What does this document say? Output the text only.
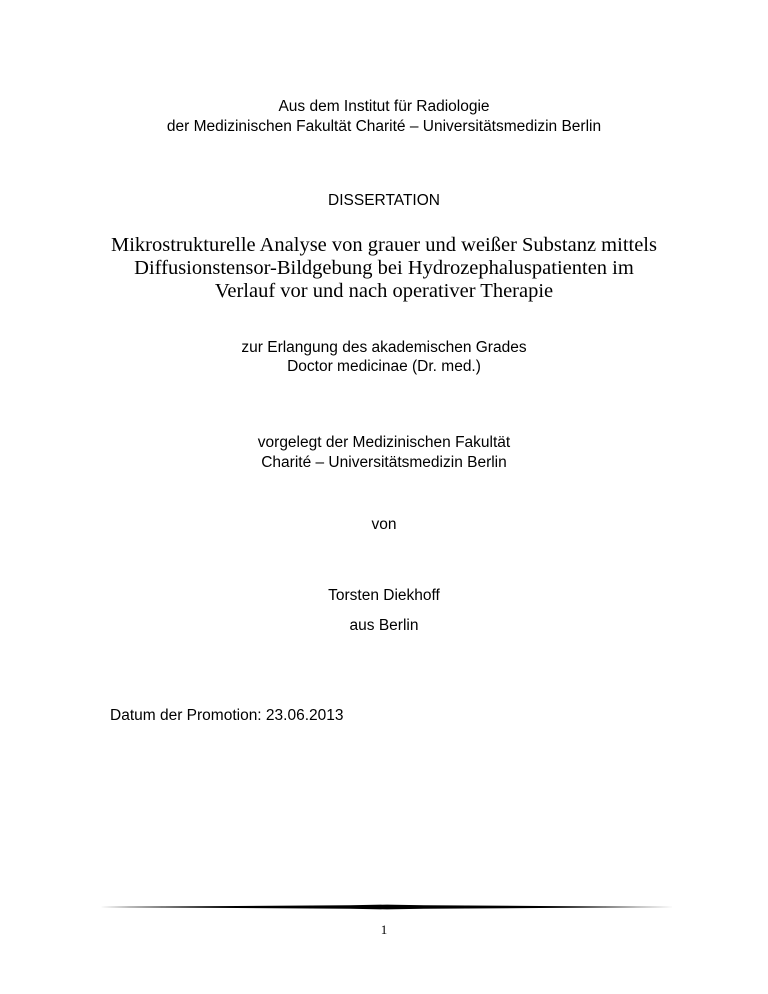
Aus dem Institut für Radiologie
der Medizinischen Fakultät Charité – Universitätsmedizin Berlin
DISSERTATION
Mikrostrukturelle Analyse von grauer und weißer Substanz mittels
Diffusionstensor-Bildgebung bei Hydrozephaluspatienten im
Verlauf vor und nach operativer Therapie
zur Erlangung des akademischen Grades
Doctor medicinae (Dr. med.)
vorgelegt der Medizinischen Fakultät
Charité – Universitätsmedizin Berlin
von
Torsten Diekhoff
aus Berlin
Datum der Promotion: 23.06.2013
1
